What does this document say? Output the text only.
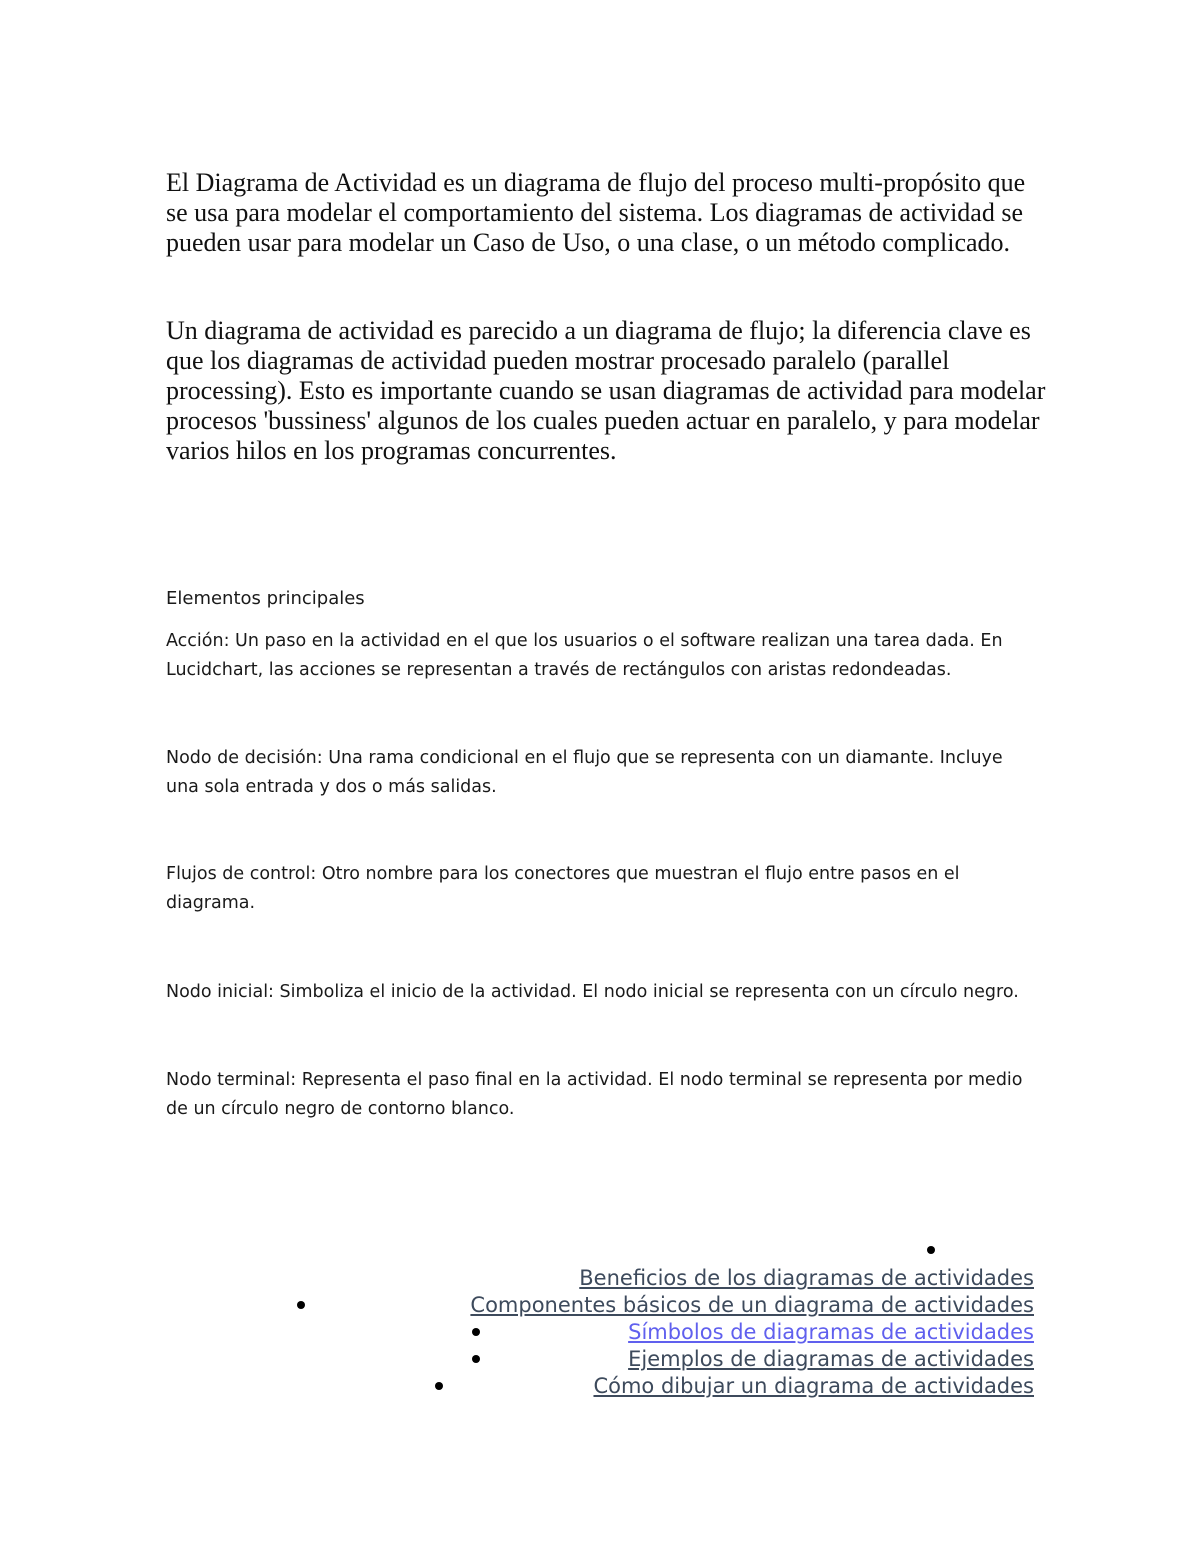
El Diagrama de Actividad es un diagrama de flujo del proceso multi-propósito que se usa para modelar el comportamiento del sistema. Los diagramas de actividad se pueden usar para modelar un Caso de Uso, o una clase, o un método complicado.

Un diagrama de actividad es parecido a un diagrama de flujo; la diferencia clave es que los diagramas de actividad pueden mostrar procesado paralelo (parallel processing). Esto es importante cuando se usan diagramas de actividad para modelar procesos 'bussiness' algunos de los cuales pueden actuar en paralelo, y para modelar varios hilos en los programas concurrentes.

Elementos principales

Acción: Un paso en la actividad en el que los usuarios o el software realizan una tarea dada. En Lucidchart, las acciones se representan a través de rectángulos con aristas redondeadas.

Nodo de decisión: Una rama condicional en el flujo que se representa con un diamante. Incluye una sola entrada y dos o más salidas.

Flujos de control: Otro nombre para los conectores que muestran el flujo entre pasos en el diagrama.

Nodo inicial: Simboliza el inicio de la actividad. El nodo inicial se representa con un círculo negro.

Nodo terminal: Representa el paso final en la actividad. El nodo terminal se representa por medio de un círculo negro de contorno blanco.

Beneficios de los diagramas de actividades
Componentes básicos de un diagrama de actividades
Símbolos de diagramas de actividades
Ejemplos de diagramas de actividades
Cómo dibujar un diagrama de actividades
